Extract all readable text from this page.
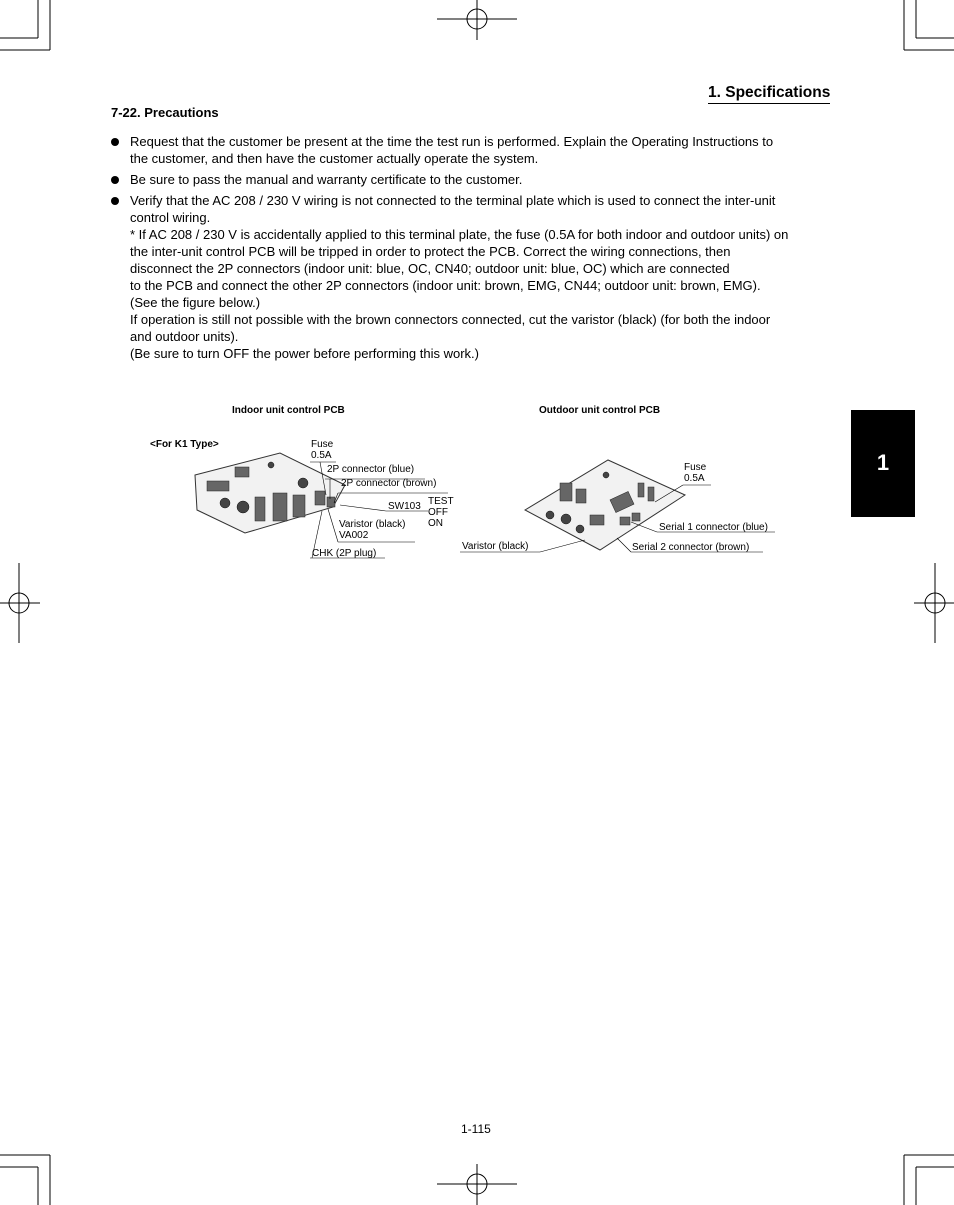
1. Specifications
7-22. Precautions

Request that the customer be present at the time the test run is performed. Explain the Operating Instructions to

the customer, and then have the customer actually operate the system.

Be sure to pass the manual and warranty certificate to the customer.

Verify that the AC 208 / 230 V wiring is not connected to the terminal plate which is used to connect the inter-unit

control wiring.

* If AC 208 / 230 V is accidentally applied to this terminal plate, the fuse (0.5A for both indoor and outdoor units) on

the inter-unit control PCB will be tripped in order to protect the PCB. Correct the wiring connections, then

disconnect the 2P connectors (indoor unit: blue, OC, CN40; outdoor unit: blue, OC) which are connected

to the PCB and connect the other 2P connectors (indoor unit: brown, EMG, CN44; outdoor unit: brown, EMG).

(See the figure below.)

If operation is still not possible with the brown connectors connected, cut the varistor (black) (for both the indoor

and outdoor units).

(Be sure to turn OFF the power before performing this work.)

1
Indoor unit control PCB	Outdoor unit control PCB
<For K1 Type>	Fuse
0.5A
2P connector (blue)
2P connector (brown)
SW103 TEST
OFF
ON
Varistor (black)
VA002
CHK (2P plug)
Fuse
0.5A
Serial 1 connector (blue)
Serial 2 connector (brown)
Varistor (black)
1-115
